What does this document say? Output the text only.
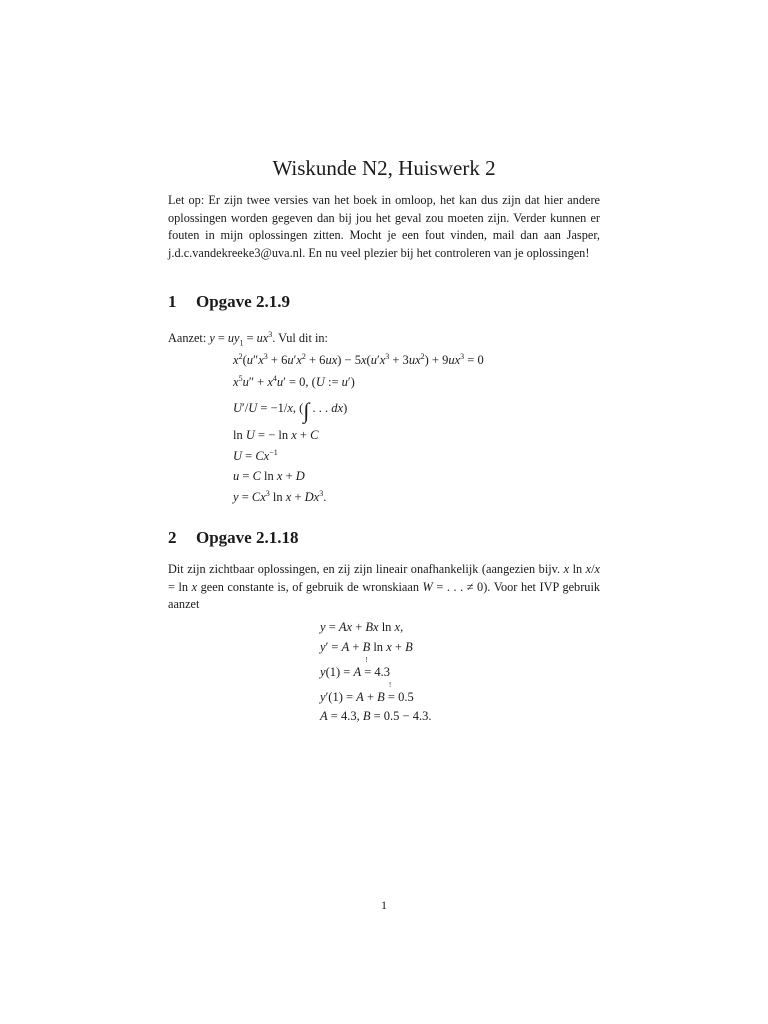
Wiskunde N2, Huiswerk 2
Let op: Er zijn twee versies van het boek in omloop, het kan dus zijn dat hier andere oplossingen worden gegeven dan bij jou het geval zou moeten zijn. Verder kunnen er fouten in mijn oplossingen zitten. Mocht je een fout vinden, mail dan aan Jasper, j.d.c.vandekreeke3@uva.nl. En nu veel plezier bij het controleren van je oplossingen!
1 Opgave 2.1.9
Aanzet: $y = uy_1 = ux^3$. Vul dit in:
$x^2(u''x^3 + 6u'x^2 + 6ux) - 5x(u'x^3 + 3ux^2) + 9ux^3 = 0$
$x^5u'' + x^4u' = 0$, (U := u′)
U′/U = −1/x, (∫ . . . dx)
ln U = − ln x + C
$U = Cx^{-1}$
u = C ln x + D
$y = Cx^3$ $\ln x + Dx^3$.
2 Opgave 2.1.18
Dit zijn zichtbaar oplossingen, en zij zijn lineair onafhankelijk (aangezien bijv. x ln x/x = ln x geen constante is, of gebruik de wronskiaan W = . . . ≠ 0). Voor het IVP gebruik aanzet
y = Ax + Bx ln x,
y′ = A + B ln x + B
y(1) = A =
!
4.3
y′(1) = A + B =
!
0.5
A = 4.3, B = 0.5 − 4.3.
1
